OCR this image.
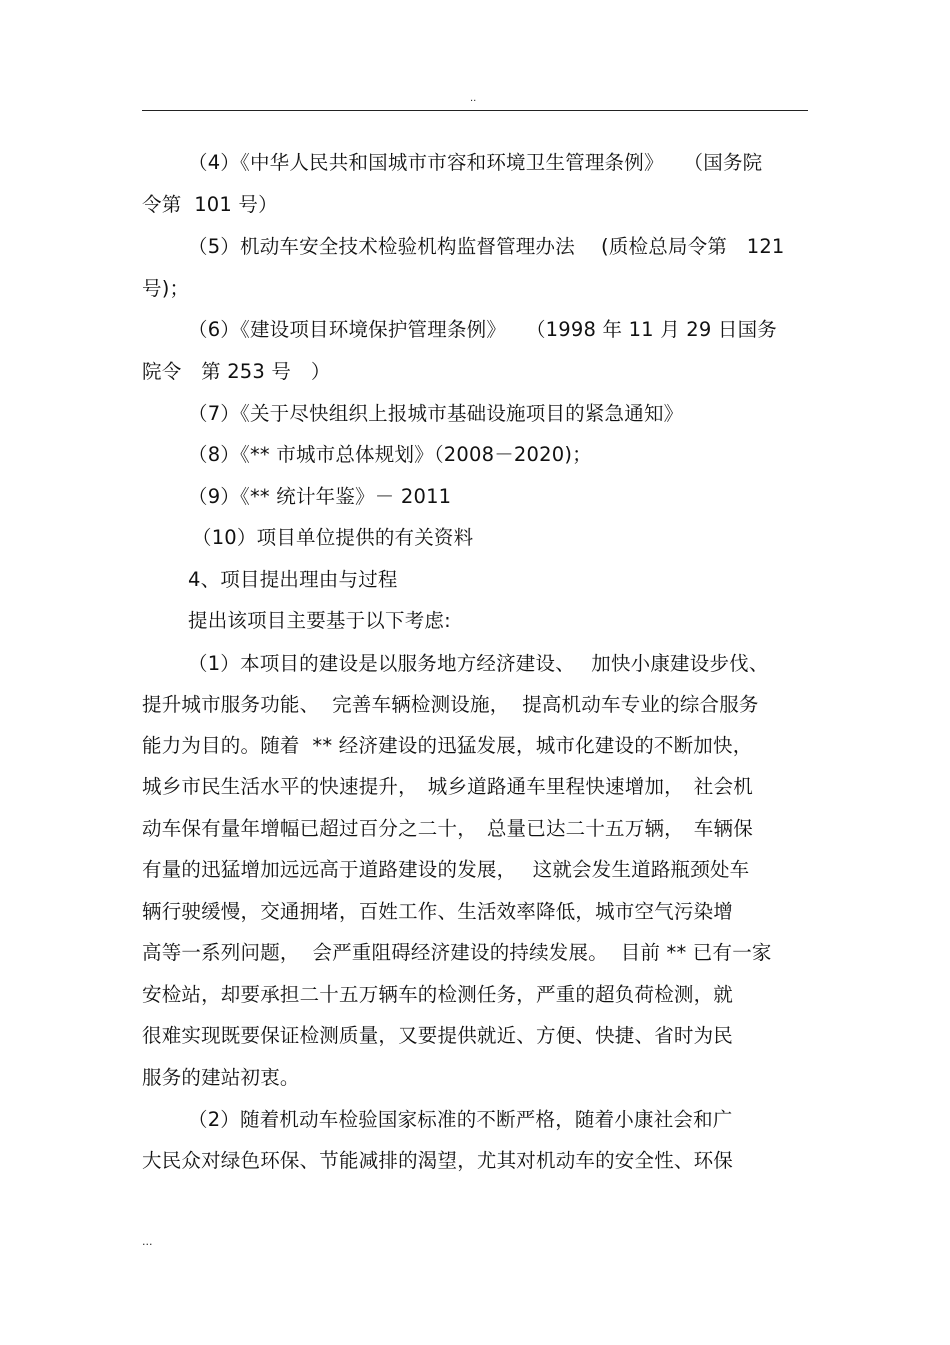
..
（4）《中华人民共和国城市市容和环境卫生管理条例》　　（国务院
令第  101 号）
（5）机动车安全技术检验机构监督管理办法　 (质检总局令第　121
号)；
（6）《建设项目环境保护管理条例》　　（1998 年 11 月 29 日国务
院令　第 253 号　）
（7）《关于尽快组织上报城市基础设施项目的紧急通知》
（8）《** 市城市总体规划》（2008－2020)；
（9）《** 统计年鉴》－ 2011
（10）项目单位提供的有关资料
4、项目提出理由与过程
提出该项目主要基于以下考虑:
（1）本项目的建设是以服务地方经济建设、　 加快小康建设步伐、
提升城市服务功能、  完善车辆检测设施，  提高机动车专业的综合服务
能力为目的。随着  ** 经济建设的迅猛发展，城市化建设的不断加快，
城乡市民生活水平的快速提升，　城乡道路通车里程快速增加，　社会机
动车保有量年增幅已超过百分之二十，　总量已达二十五万辆，　车辆保
有量的迅猛增加远远高于道路建设的发展，　 这就会发生道路瓶颈处车
辆行驶缓慢，交通拥堵，百姓工作、生活效率降低，城市空气污染增
高等一系列问题，  会严重阻碍经济建设的持续发展。  目前 ** 已有一家
安检站，却要承担二十五万辆车的检测任务，严重的超负荷检测，就
很难实现既要保证检测质量，又要提供就近、方便、快捷、省时为民
服务的建站初衷。
（2）随着机动车检验国家标准的不断严格，随着小康社会和广
大民众对绿色环保、节能减排的渴望，尤其对机动车的安全性、环保
...
